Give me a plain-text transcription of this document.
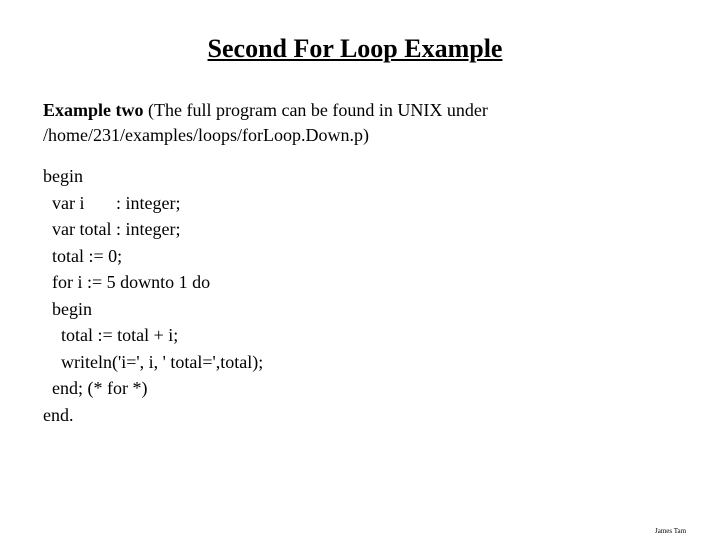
Second For Loop Example
Example two (The full program can be found in UNIX under
/home/231/examples/loops/forLoop.Down.p)
begin
var i       : integer;
var total : integer;
total := 0;
for i := 5 downto 1 do
begin
total := total + i;
writeln('i=', i, ' total=',total);
end; (* for *)
end.
James Tam
